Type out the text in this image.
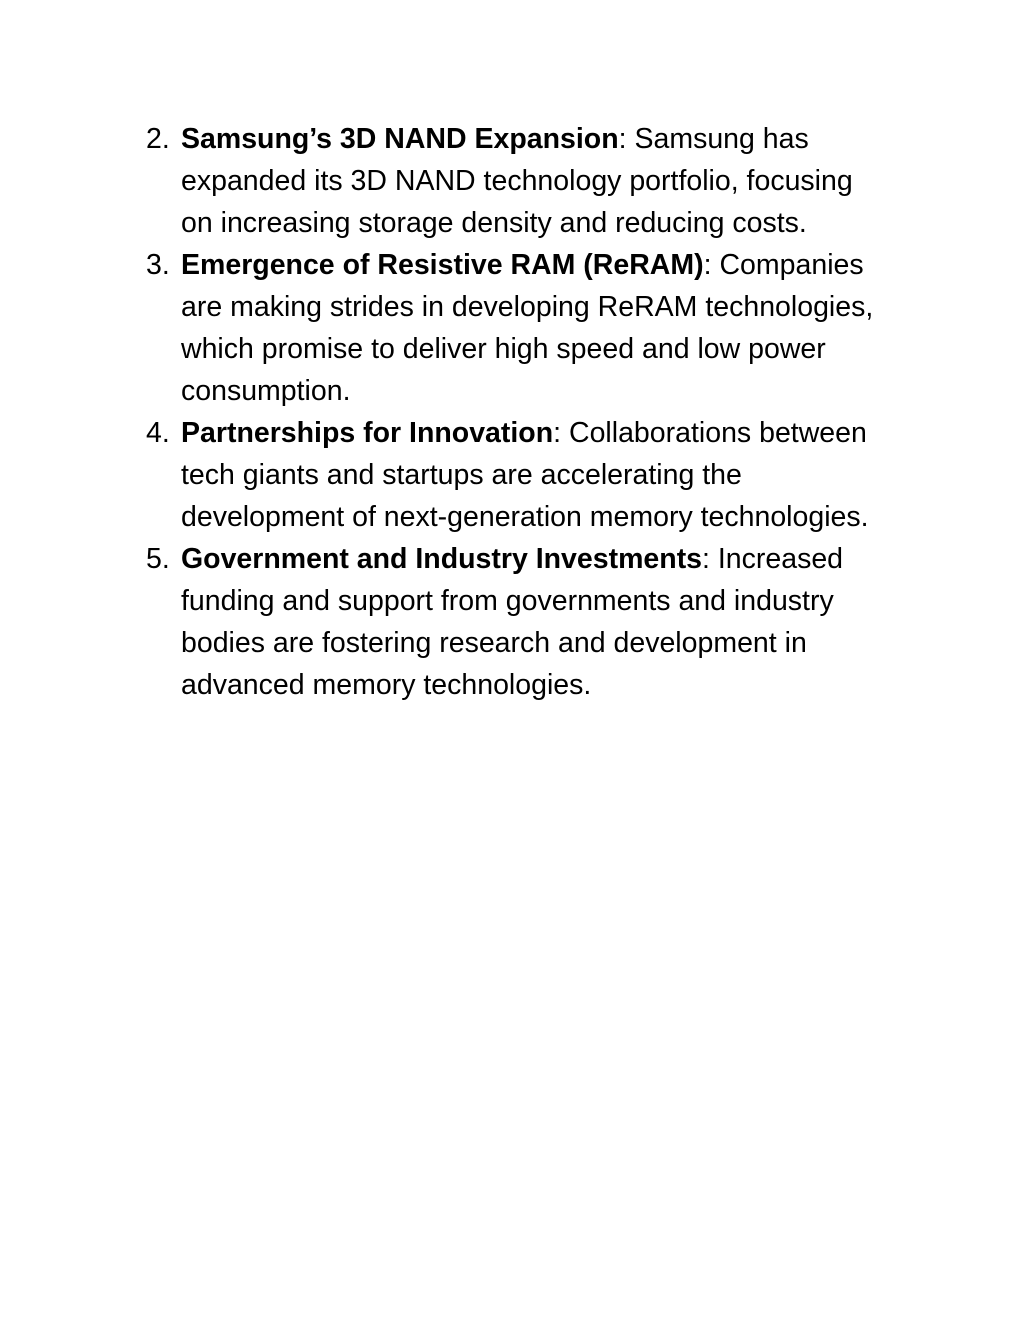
2. Samsung’s 3D NAND Expansion: Samsung has expanded its 3D NAND technology portfolio, focusing on increasing storage density and reducing costs.
3. Emergence of Resistive RAM (ReRAM): Companies are making strides in developing ReRAM technologies, which promise to deliver high speed and low power consumption.
4. Partnerships for Innovation: Collaborations between tech giants and startups are accelerating the development of next-generation memory technologies.
5. Government and Industry Investments: Increased funding and support from governments and industry bodies are fostering research and development in advanced memory technologies.
